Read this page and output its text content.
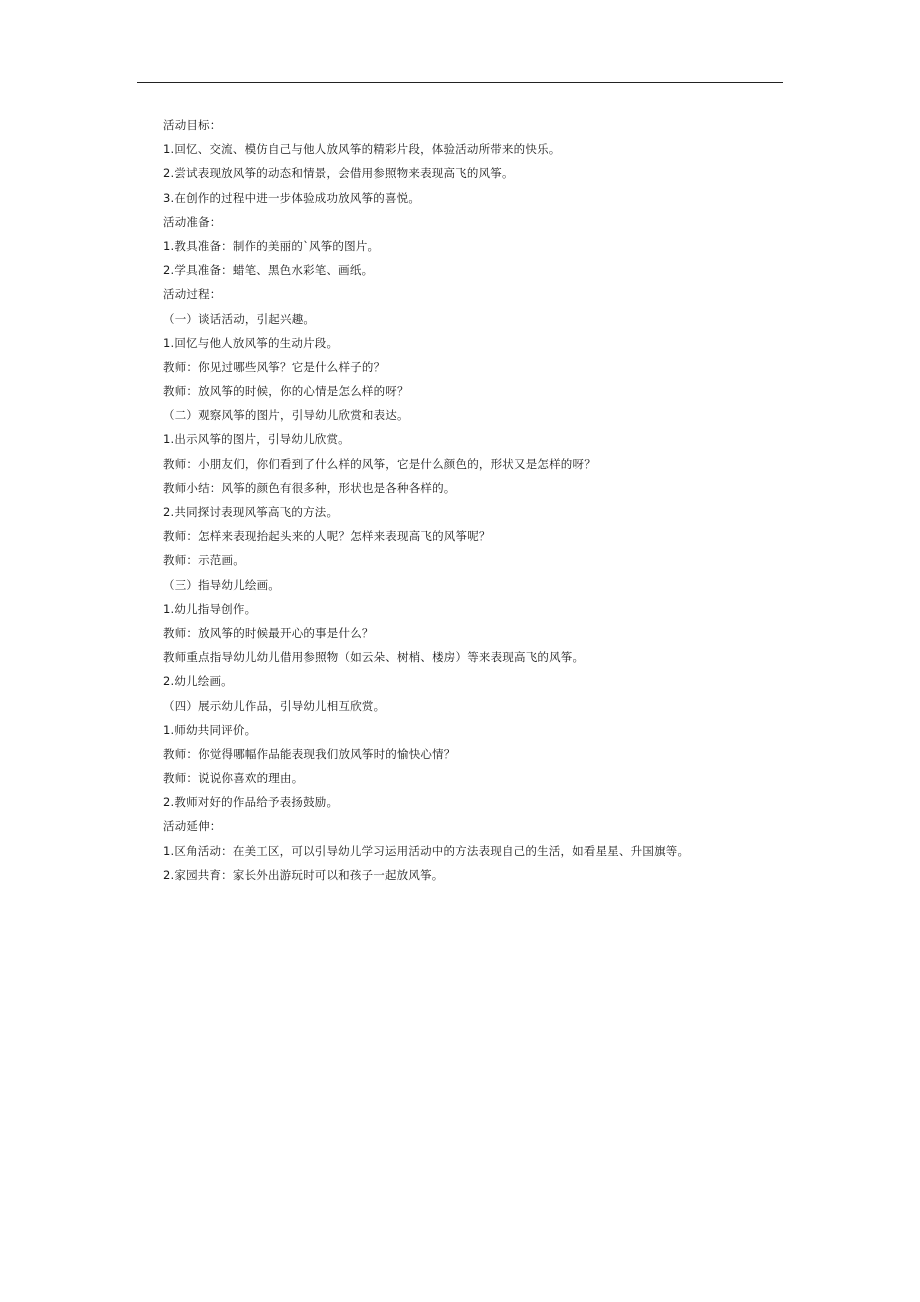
活动目标：
1.回忆、交流、模仿自己与他人放风筝的精彩片段，体验活动所带来的快乐。
2.尝试表现放风筝的动态和情景，会借用参照物来表现高飞的风筝。
3.在创作的过程中进一步体验成功放风筝的喜悦。
活动准备：
1.教具准备：制作的美丽的`风筝的图片。
2.学具准备：蜡笔、黑色水彩笔、画纸。
活动过程：
（一）谈话活动，引起兴趣。
1.回忆与他人放风筝的生动片段。
教师：你见过哪些风筝？它是什么样子的？
教师：放风筝的时候，你的心情是怎么样的呀？
（二）观察风筝的图片，引导幼儿欣赏和表达。
1.出示风筝的图片，引导幼儿欣赏。
教师：小朋友们，你们看到了什么样的风筝，它是什么颜色的，形状又是怎样的呀？
教师小结：风筝的颜色有很多种，形状也是各种各样的。
2.共同探讨表现风筝高飞的方法。
教师：怎样来表现抬起头来的人呢？怎样来表现高飞的风筝呢？
教师：示范画。
（三）指导幼儿绘画。
1.幼儿指导创作。
教师：放风筝的时候最开心的事是什么？
教师重点指导幼儿幼儿借用参照物（如云朵、树梢、楼房）等来表现高飞的风筝。
2.幼儿绘画。
（四）展示幼儿作品，引导幼儿相互欣赏。
1.师幼共同评价。
教师：你觉得哪幅作品能表现我们放风筝时的愉快心情？
教师：说说你喜欢的理由。
2.教师对好的作品给予表扬鼓励。
活动延伸：
1.区角活动：在美工区，可以引导幼儿学习运用活动中的方法表现自己的生活，如看星星、升国旗等。
2.家园共育：家长外出游玩时可以和孩子一起放风筝。
